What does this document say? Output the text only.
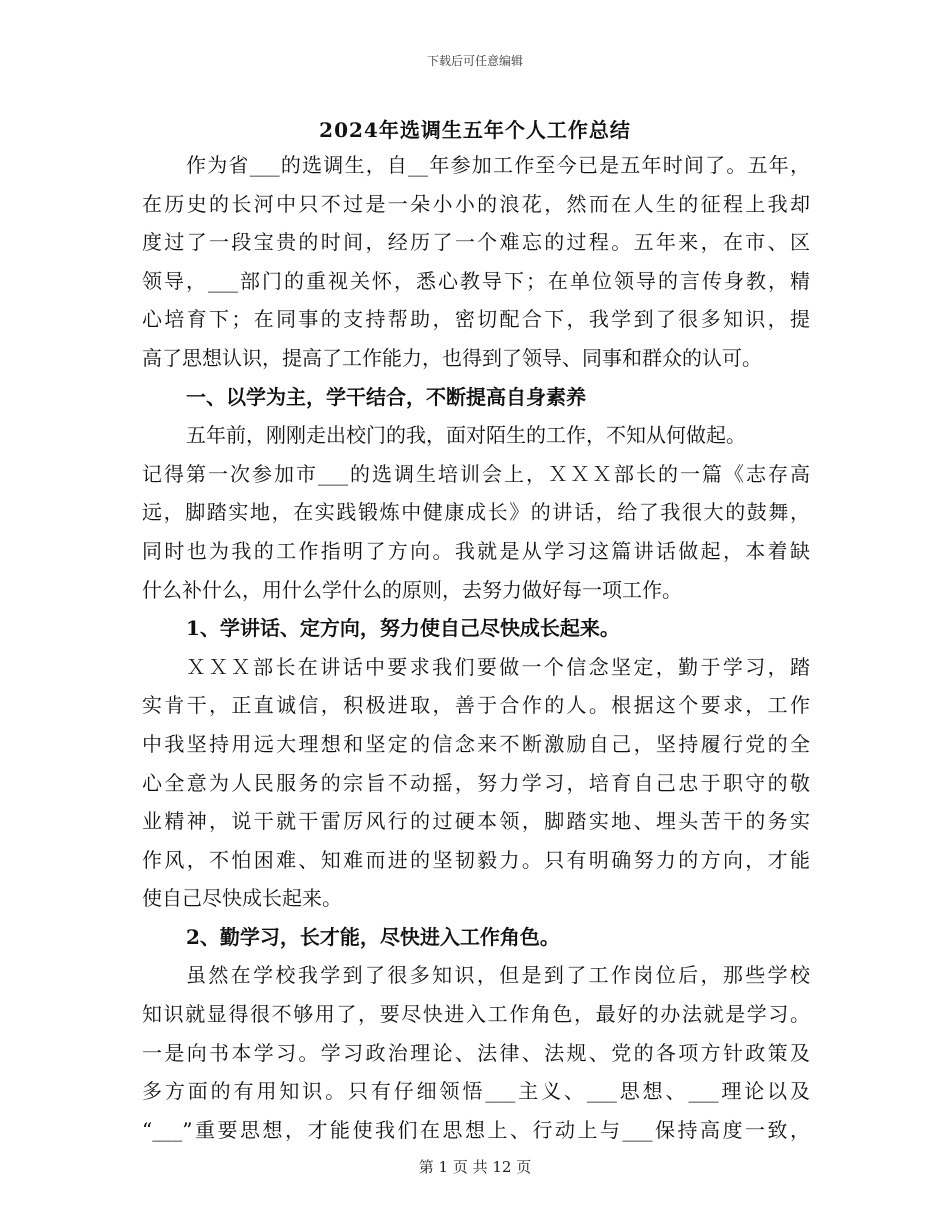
下载后可任意编辑
2024年选调生五年个人工作总结
作为省___的选调生，自__年参加工作至今已是五年时间了。五年，
在历史的长河中只不过是一朵小小的浪花，然而在人生的征程上我却
度过了一段宝贵的时间，经历了一个难忘的过程。五年来，在市、区
领导，___部门的重视关怀，悉心教导下；在单位领导的言传身教，精
心培育下；在同事的支持帮助，密切配合下，我学到了很多知识，提
高了思想认识，提高了工作能力，也得到了领导、同事和群众的认可。
一、以学为主，学干结合，不断提高自身素养
五年前，刚刚走出校门的我，面对陌生的工作，不知从何做起。
记得第一次参加市___的选调生培训会上，ＸＸＸ部长的一篇《志存高
远，脚踏实地，在实践锻炼中健康成长》的讲话，给了我很大的鼓舞，
同时也为我的工作指明了方向。我就是从学习这篇讲话做起，本着缺
什么补什么，用什么学什么的原则，去努力做好每一项工作。
1、学讲话、定方向，努力使自己尽快成长起来。
ＸＸＸ部长在讲话中要求我们要做一个信念坚定，勤于学习，踏
实肯干，正直诚信，积极进取，善于合作的人。根据这个要求，工作
中我坚持用远大理想和坚定的信念来不断激励自己，坚持履行党的全
心全意为人民服务的宗旨不动摇，努力学习，培育自己忠于职守的敬
业精神，说干就干雷厉风行的过硬本领，脚踏实地、埋头苦干的务实
作风，不怕困难、知难而进的坚韧毅力。只有明确努力的方向，才能
使自己尽快成长起来。
2、勤学习，长才能，尽快进入工作角色。
虽然在学校我学到了很多知识，但是到了工作岗位后，那些学校
知识就显得很不够用了，要尽快进入工作角色，最好的办法就是学习。
一是向书本学习。学习政治理论、法律、法规、党的各项方针政策及
多方面的有用知识。只有仔细领悟___主义、___思想、___理论以及
“___”重要思想，才能使我们在思想上、行动上与___保持高度一致，
第 1 页 共 12 页
